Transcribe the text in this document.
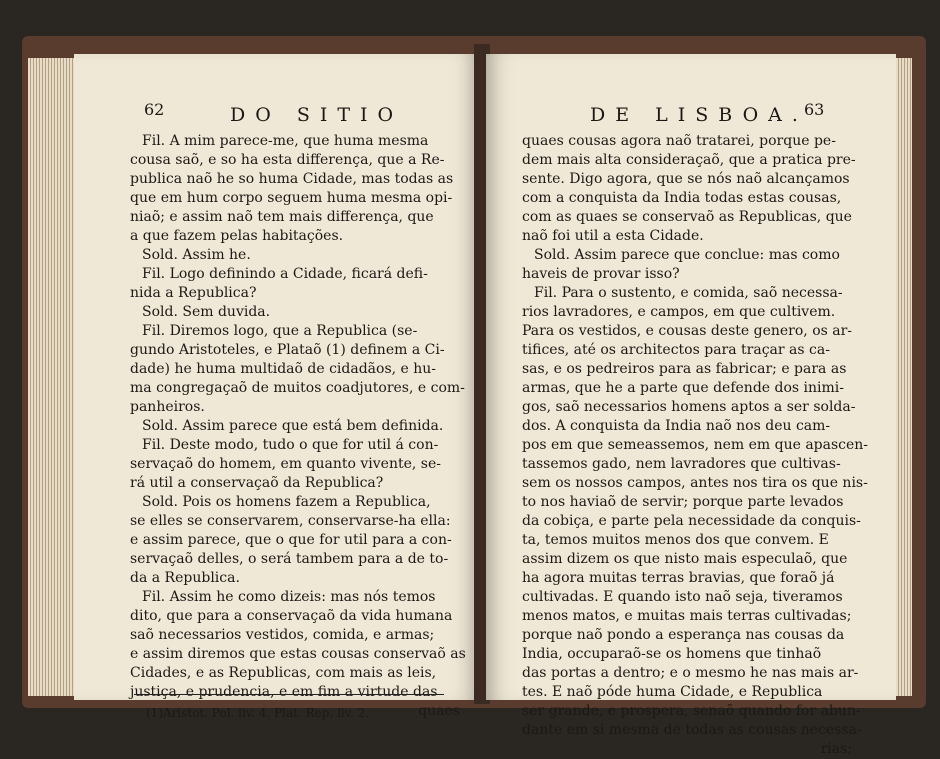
62	DO SITIO
Fil. A mim parece-me, que huma mesma
cousa saõ, e so ha esta differença, que a Re-
publica naõ he so huma Cidade, mas todas as
que em hum corpo seguem huma mesma opi-
niaõ; e assim naõ tem mais differença, que
a que fazem pelas habitações.
Sold. Assim he.
Fil. Logo definindo a Cidade, ficará defi-
nida a Republica?
Sold. Sem duvida.
Fil. Diremos logo, que a Republica (se-
gundo Aristoteles, e Plataõ (1) definem a Ci-
dade) he huma multidaõ de cidadãos, e hu-
ma congregaçaõ de muitos coadjutores, e com-
panheiros.
Sold. Assim parece que está bem definida.
Fil. Deste modo, tudo o que for util á con-
servaçaõ do homem, em quanto vivente, se-
rá util a conservaçaõ da Republica?
Sold. Pois os homens fazem a Republica,
se elles se conservarem, conservarse-ha ella:
e assim parece, que o que for util para a con-
servaçaõ delles, o será tambem para a de to-
da a Republica.
Fil. Assim he como dizeis: mas nós temos
dito, que para a conservaçaõ da vida humana
saõ necessarios vestidos, comida, e armas;
e assim diremos que estas cousas conservaõ as
Cidades, e as Republicas, com mais as leis,
justiça, e prudencia, e em fim a virtude das
quaes
(1)Aristot. Pol. liv. 4. Plat. Rep. liv. 2.
DE LISBOA.
63
quaes cousas agora naõ tratarei, porque pe-
dem mais alta consideraçaõ, que a pratica pre-
sente. Digo agora, que se nós naõ alcançamos
com a conquista da India todas estas cousas,
com as quaes se conservaõ as Republicas, que
naõ foi util a esta Cidade.
Sold. Assim parece que conclue: mas como
haveis de provar isso?
Fil. Para o sustento, e comida, saõ necessa-
rios lavradores, e campos, em que cultivem.
Para os vestidos, e cousas deste genero, os ar-
tifices, até os architectos para traçar as ca-
sas, e os pedreiros para as fabricar; e para as
armas, que he a parte que defende dos inimi-
gos, saõ necessarios homens aptos a ser solda-
dos. A conquista da India naõ nos deu cam-
pos em que semeassemos, nem em que apascen-
tassemos gado, nem lavradores que cultivas-
sem os nossos campos, antes nos tira os que nis-
to nos haviaõ de servir; porque parte levados
da cobiça, e parte pela necessidade da conquis-
ta, temos muitos menos dos que convem. E
assim dizem os que nisto mais especulaõ, que
ha agora muitas terras bravias, que foraõ já
cultivadas. E quando isto naõ seja, tiveramos
menos matos, e muitas mais terras cultivadas;
porque naõ pondo a esperança nas cousas da
India, occuparaõ-se os homens que tinhaõ
das portas a dentro; e o mesmo he nas mais ar-
tes. E naõ póde huma Cidade, e Republica
ser grande, e prospera, senaõ quando for abun-
dante em si mesma de todas as cousas necessa-
rias;
